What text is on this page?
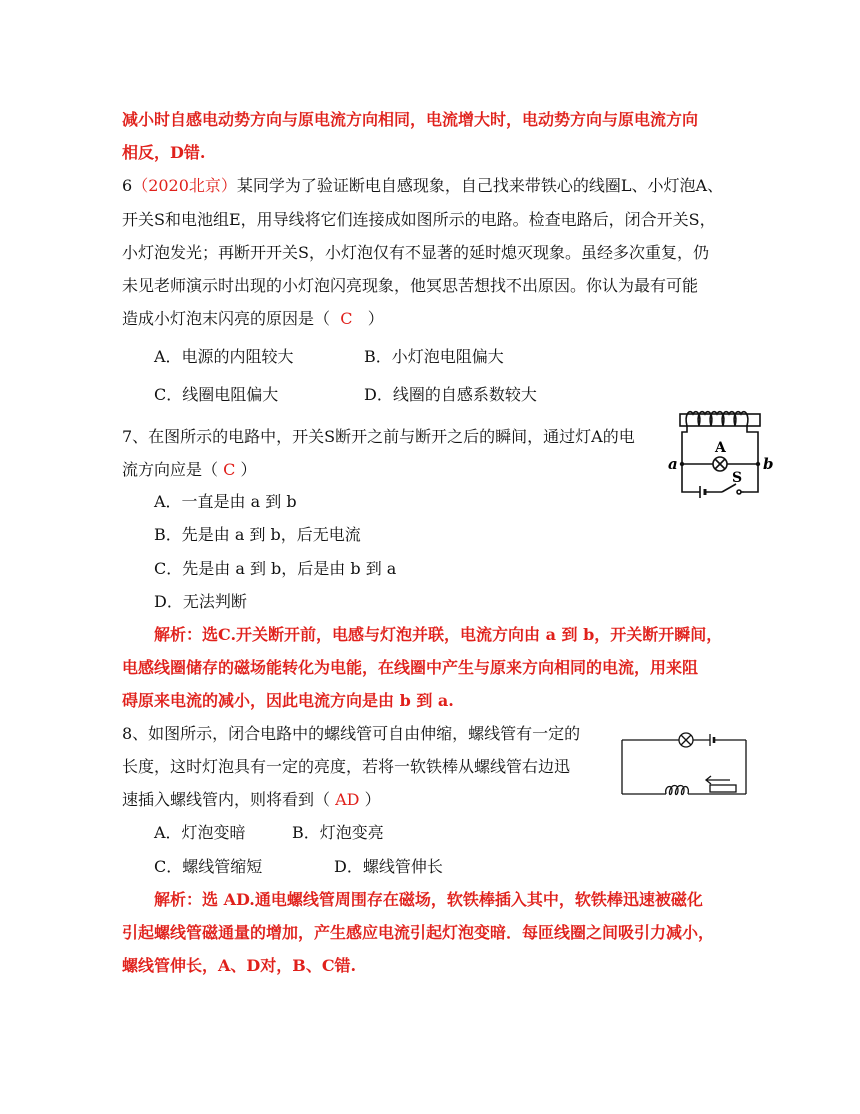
减小时自感电动势方向与原电流方向相同，电流增大时，电动势方向与原电流方向
相反，D错.
6（2020北京）某同学为了验证断电自感现象，自己找来带铁心的线圈L、小灯泡A、
开关S和电池组E，用导线将它们连接成如图所示的电路。检查电路后，闭合开关S，
小灯泡发光；再断开开关S，小灯泡仅有不显著的延时熄灭现象。虽经多次重复，仍
未见老师演示时出现的小灯泡闪亮现象，他冥思苦想找不出原因。你认为最有可能
造成小灯泡末闪亮的原因是（ C ）
A．电源的内阻较大	B．小灯泡电阻偏大
C．线圈电阻偏大	D．线圈的自感系数较大
7、在图所示的电路中，开关S断开之前与断开之后的瞬间，通过灯A的电
流方向应是（ C ）
A．一直是由 a 到 b
B．先是由 a 到 b，后无电流
C．先是由 a 到 b，后是由 b 到 a
D．无法判断
解析：选C.开关断开前，电感与灯泡并联，电流方向由 a 到 b，开关断开瞬间，
电感线圈储存的磁场能转化为电能，在线圈中产生与原来方向相同的电流，用来阻
碍原来电流的减小，因此电流方向是由 b 到 a.
A
S
a	b
8、如图所示，闭合电路中的螺线管可自由伸缩，螺线管有一定的
长度，这时灯泡具有一定的亮度，若将一软铁棒从螺线管右边迅
速插入螺线管内，则将看到（ AD ）
A．灯泡变暗	B．灯泡变亮
C．螺线管缩短	D．螺线管伸长
解析：选 AD.通电螺线管周围存在磁场，软铁棒插入其中，软铁棒迅速被磁化
引起螺线管磁通量的增加，产生感应电流引起灯泡变暗．每匝线圈之间吸引力减小，
螺线管伸长，A、D对，B、C错.
